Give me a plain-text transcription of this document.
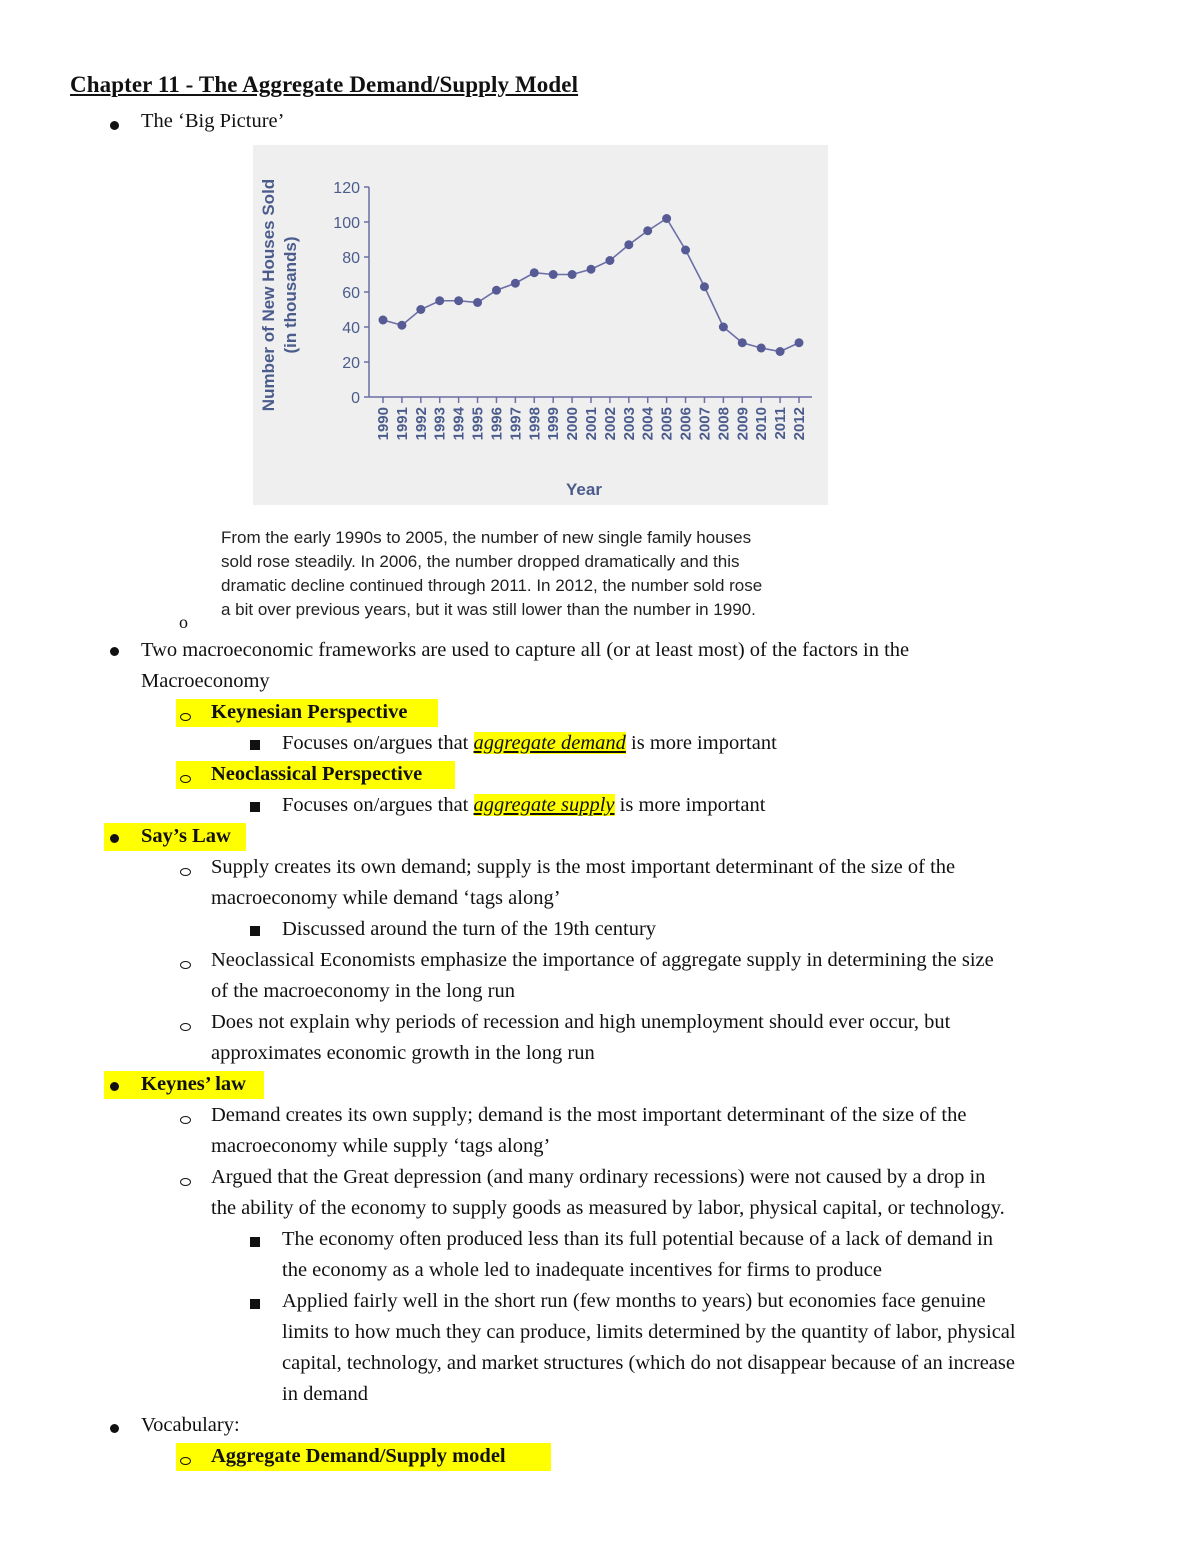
Chapter 11 - The Aggregate Demand/Supply Model
The ‘Big Picture’
0
20
40
60
80
100
120
1990 1991 1992 1993 1994 1995 1996 1997 1998 1999 2000 2001 2002 2003 2004 2005 2006 2007 2008 2009 2010 2011 2012
Year
Number of New Houses Sold (in thousands)
From the early 1990s to 2005, the number of new single family houses
sold rose steadily. In 2006, the number dropped dramatically and this
dramatic decline continued through 2011. In 2012, the number sold rose
a bit over previous years, but it was still lower than the number in 1990.
o
Two macroeconomic frameworks are used to capture all (or at least most) of the factors in the
Macroeconomy
Keynesian Perspective
Focuses on/argues that aggregate demand is more important
Neoclassical Perspective
Focuses on/argues that aggregate supply is more important
Say’s Law
Supply creates its own demand; supply is the most important determinant of the size of the
macroeconomy while demand ‘tags along’
Discussed around the turn of the 19th century
Neoclassical Economists emphasize the importance of aggregate supply in determining the size
of the macroeconomy in the long run
Does not explain why periods of recession and high unemployment should ever occur, but
approximates economic growth in the long run
Keynes’ law
Demand creates its own supply; demand is the most important determinant of the size of the
macroeconomy while supply ‘tags along’
Argued that the Great depression (and many ordinary recessions) were not caused by a drop in
the ability of the economy to supply goods as measured by labor, physical capital, or technology.
The economy often produced less than its full potential because of a lack of demand in
the economy as a whole led to inadequate incentives for firms to produce
Applied fairly well in the short run (few months to years) but economies face genuine
limits to how much they can produce, limits determined by the quantity of labor, physical
capital, technology, and market structures (which do not disappear because of an increase
in demand
Vocabulary:
Aggregate Demand/Supply model
